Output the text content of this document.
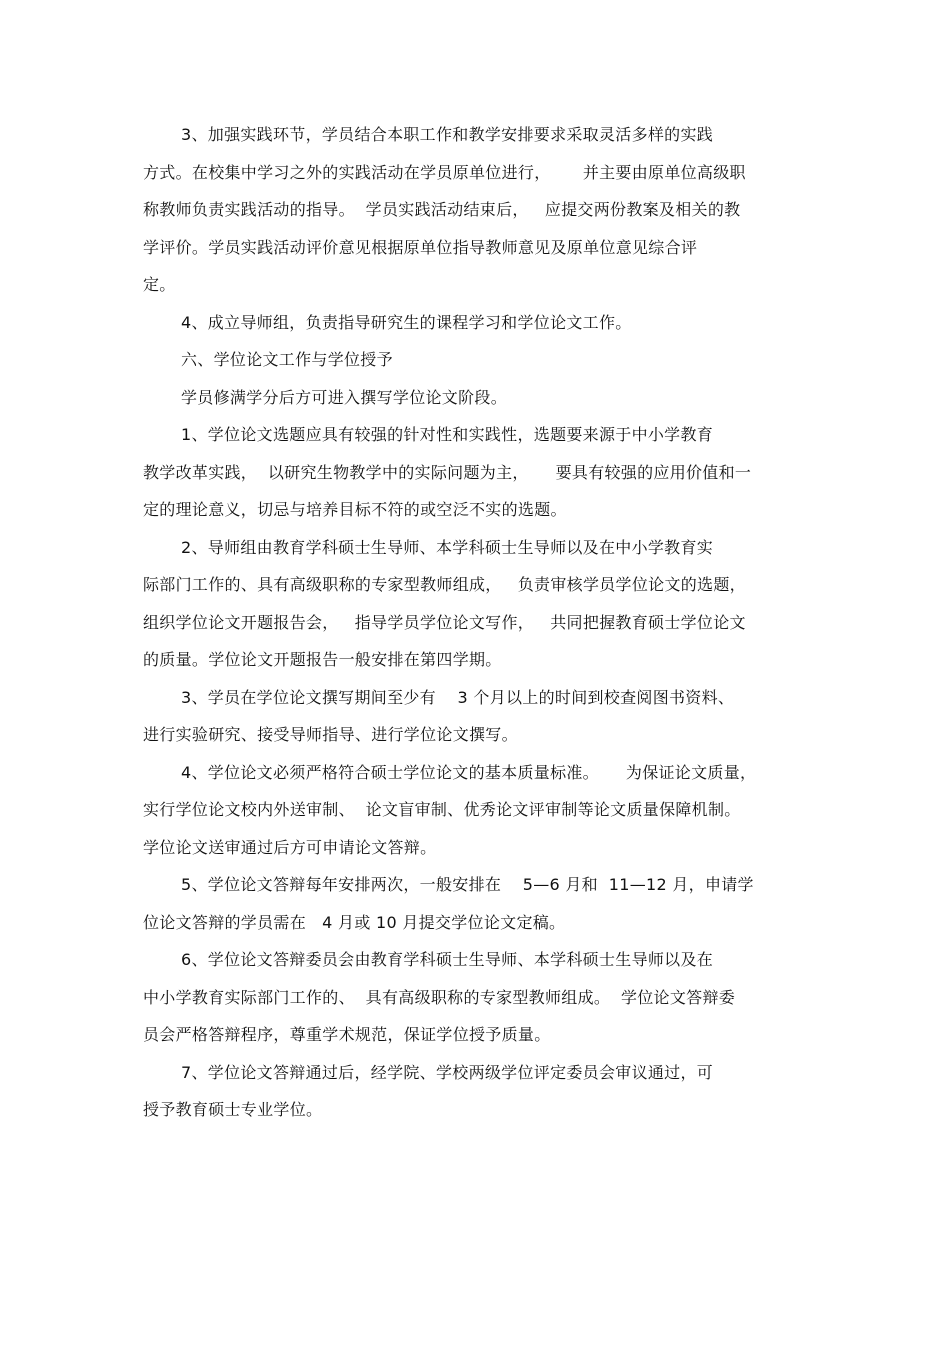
3、加强实践环节，学员结合本职工作和教学安排要求采取灵活多样的实践
方式。在校集中学习之外的实践活动在学员原单位进行，      并主要由原单位高级职
称教师负责实践活动的指导。  学员实践活动结束后，   应提交两份教案及相关的教
学评价。学员实践活动评价意见根据原单位指导教师意见及原单位意见综合评
定。
4、成立导师组，负责指导研究生的课程学习和学位论文工作。
六、学位论文工作与学位授予
学员修满学分后方可进入撰写学位论文阶段。
1、学位论文选题应具有较强的针对性和实践性，选题要来源于中小学教育
教学改革实践，  以研究生物教学中的实际问题为主，     要具有较强的应用价值和一
定的理论意义，切忌与培养目标不符的或空泛不实的选题。
2、导师组由教育学科硕士生导师、本学科硕士生导师以及在中小学教育实
际部门工作的、具有高级职称的专家型教师组成，   负责审核学员学位论文的选题，
组织学位论文开题报告会，   指导学员学位论文写作，   共同把握教育硕士学位论文
的质量。学位论文开题报告一般安排在第四学期。
3、学员在学位论文撰写期间至少有    3 个月以上的时间到校查阅图书资料、
进行实验研究、接受导师指导、进行学位论文撰写。
4、学位论文必须严格符合硕士学位论文的基本质量标准。     为保证论文质量，
实行学位论文校内外送审制、  论文盲审制、优秀论文评审制等论文质量保障机制。
学位论文送审通过后方可申请论文答辩。
5、学位论文答辩每年安排两次，一般安排在    5—6 月和  11—12 月，申请学
位论文答辩的学员需在   4 月或 10 月提交学位论文定稿。
6、学位论文答辩委员会由教育学科硕士生导师、本学科硕士生导师以及在
中小学教育实际部门工作的、  具有高级职称的专家型教师组成。  学位论文答辩委
员会严格答辩程序，尊重学术规范，保证学位授予质量。
7、学位论文答辩通过后，经学院、学校两级学位评定委员会审议通过，可
授予教育硕士专业学位。
